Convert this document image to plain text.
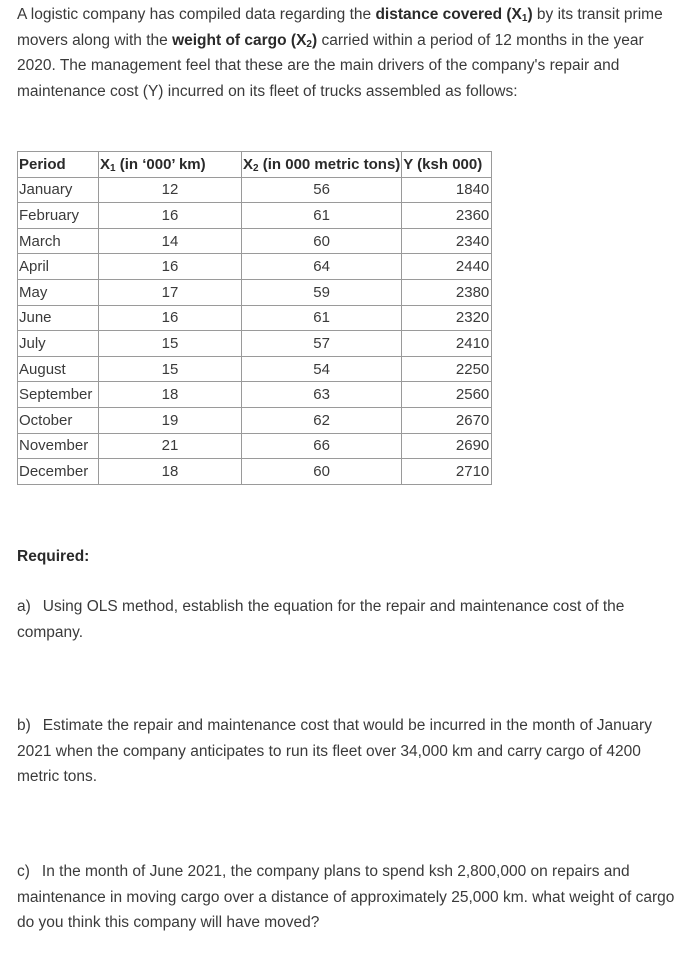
A logistic company has compiled data regarding the distance covered $(X_1)$ by its transit prime movers along with the weight of cargo $(X_2)$ carried within a period of 12 months in the year 2020. The management feel that these are the main drivers of the company's repair and maintenance cost (Y) incurred on its fleet of trucks assembled as follows:

Period	$X_1$ (in ‘000’ km)	$X_2$ (in 000 metric tons)	Y (ksh 000)
January	12	56	1840
February	16	61	2360
March	14	60	2340
April	16	64	2440
May	17	59	2380
June	16	61	2320
July	15	57	2410
August	15	54	2250
September	18	63	2560
October	19	62	2670
November	21	66	2690
December	18	60	2710

Required:

a) Using OLS method, establish the equation for the repair and maintenance cost of the company.

b) Estimate the repair and maintenance cost that would be incurred in the month of January 2021 when the company anticipates to run its fleet over 34,000 km and carry cargo of 4200 metric tons.

c) In the month of June 2021, the company plans to spend ksh 2,800,000 on repairs and maintenance in moving cargo over a distance of approximately 25,000 km. what weight of cargo do you think this company will have moved?
